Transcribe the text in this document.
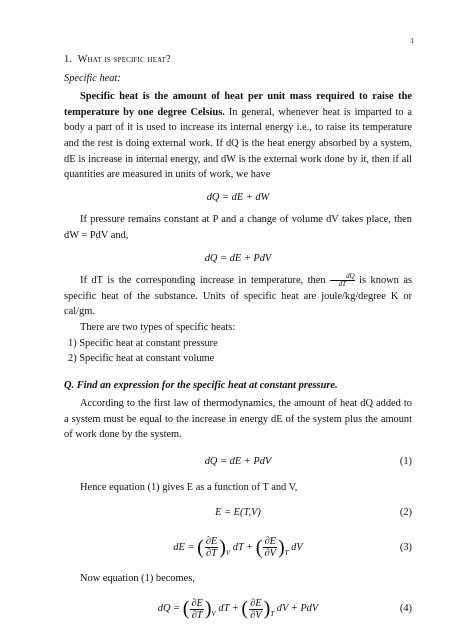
1
1. What is specific heat?
Specific heat:

Specific heat is the amount of heat per unit mass required to raise the temperature by one degree Celsius. In general, whenever heat is imparted to a body a part of it is used to increase its internal energy i.e., to raise its temperature and the rest is doing external work. If dQ is the heat energy absorbed by a system, dE is increase in internal energy, and dW is the external work done by it, then if all quantities are measured in units of work, we have

dQ = dE + dW

If pressure remains constant at P and a change of volume dV takes place, then dW = PdV and,

dQ = dE + PdV

If dT is the corresponding increase in temperature, then $\frac{dQ}{dT}$ is known as specific heat of the substance. Units of specific heat are joule/kg/degree K or cal/gm.

There are two types of specific heats:

1) Specific heat at constant pressure
2) Specific heat at constant volume
Q. Find an expression for the specific heat at constant pressure.

According to the first law of thermodynamics, the amount of heat dQ added to a system must be equal to the increase in energy dE of the system plus the amount of work done by the system.

dQ = dE + PdV	(1)

Hence equation (1) gives E as a function of T and V,

E = E(T,V)	(2)
dE = ( $\frac{\partial E}{\partial T} )_V$ dT + ( $\frac{\partial E}{\partial V} )_T$ dV	(3)

Now equation (1) becomes,

dQ = ( $\frac{\partial E}{\partial T} )_V$ dT + ( $\frac{\partial E}{\partial V} )_T$ dV + PdV	(4)
